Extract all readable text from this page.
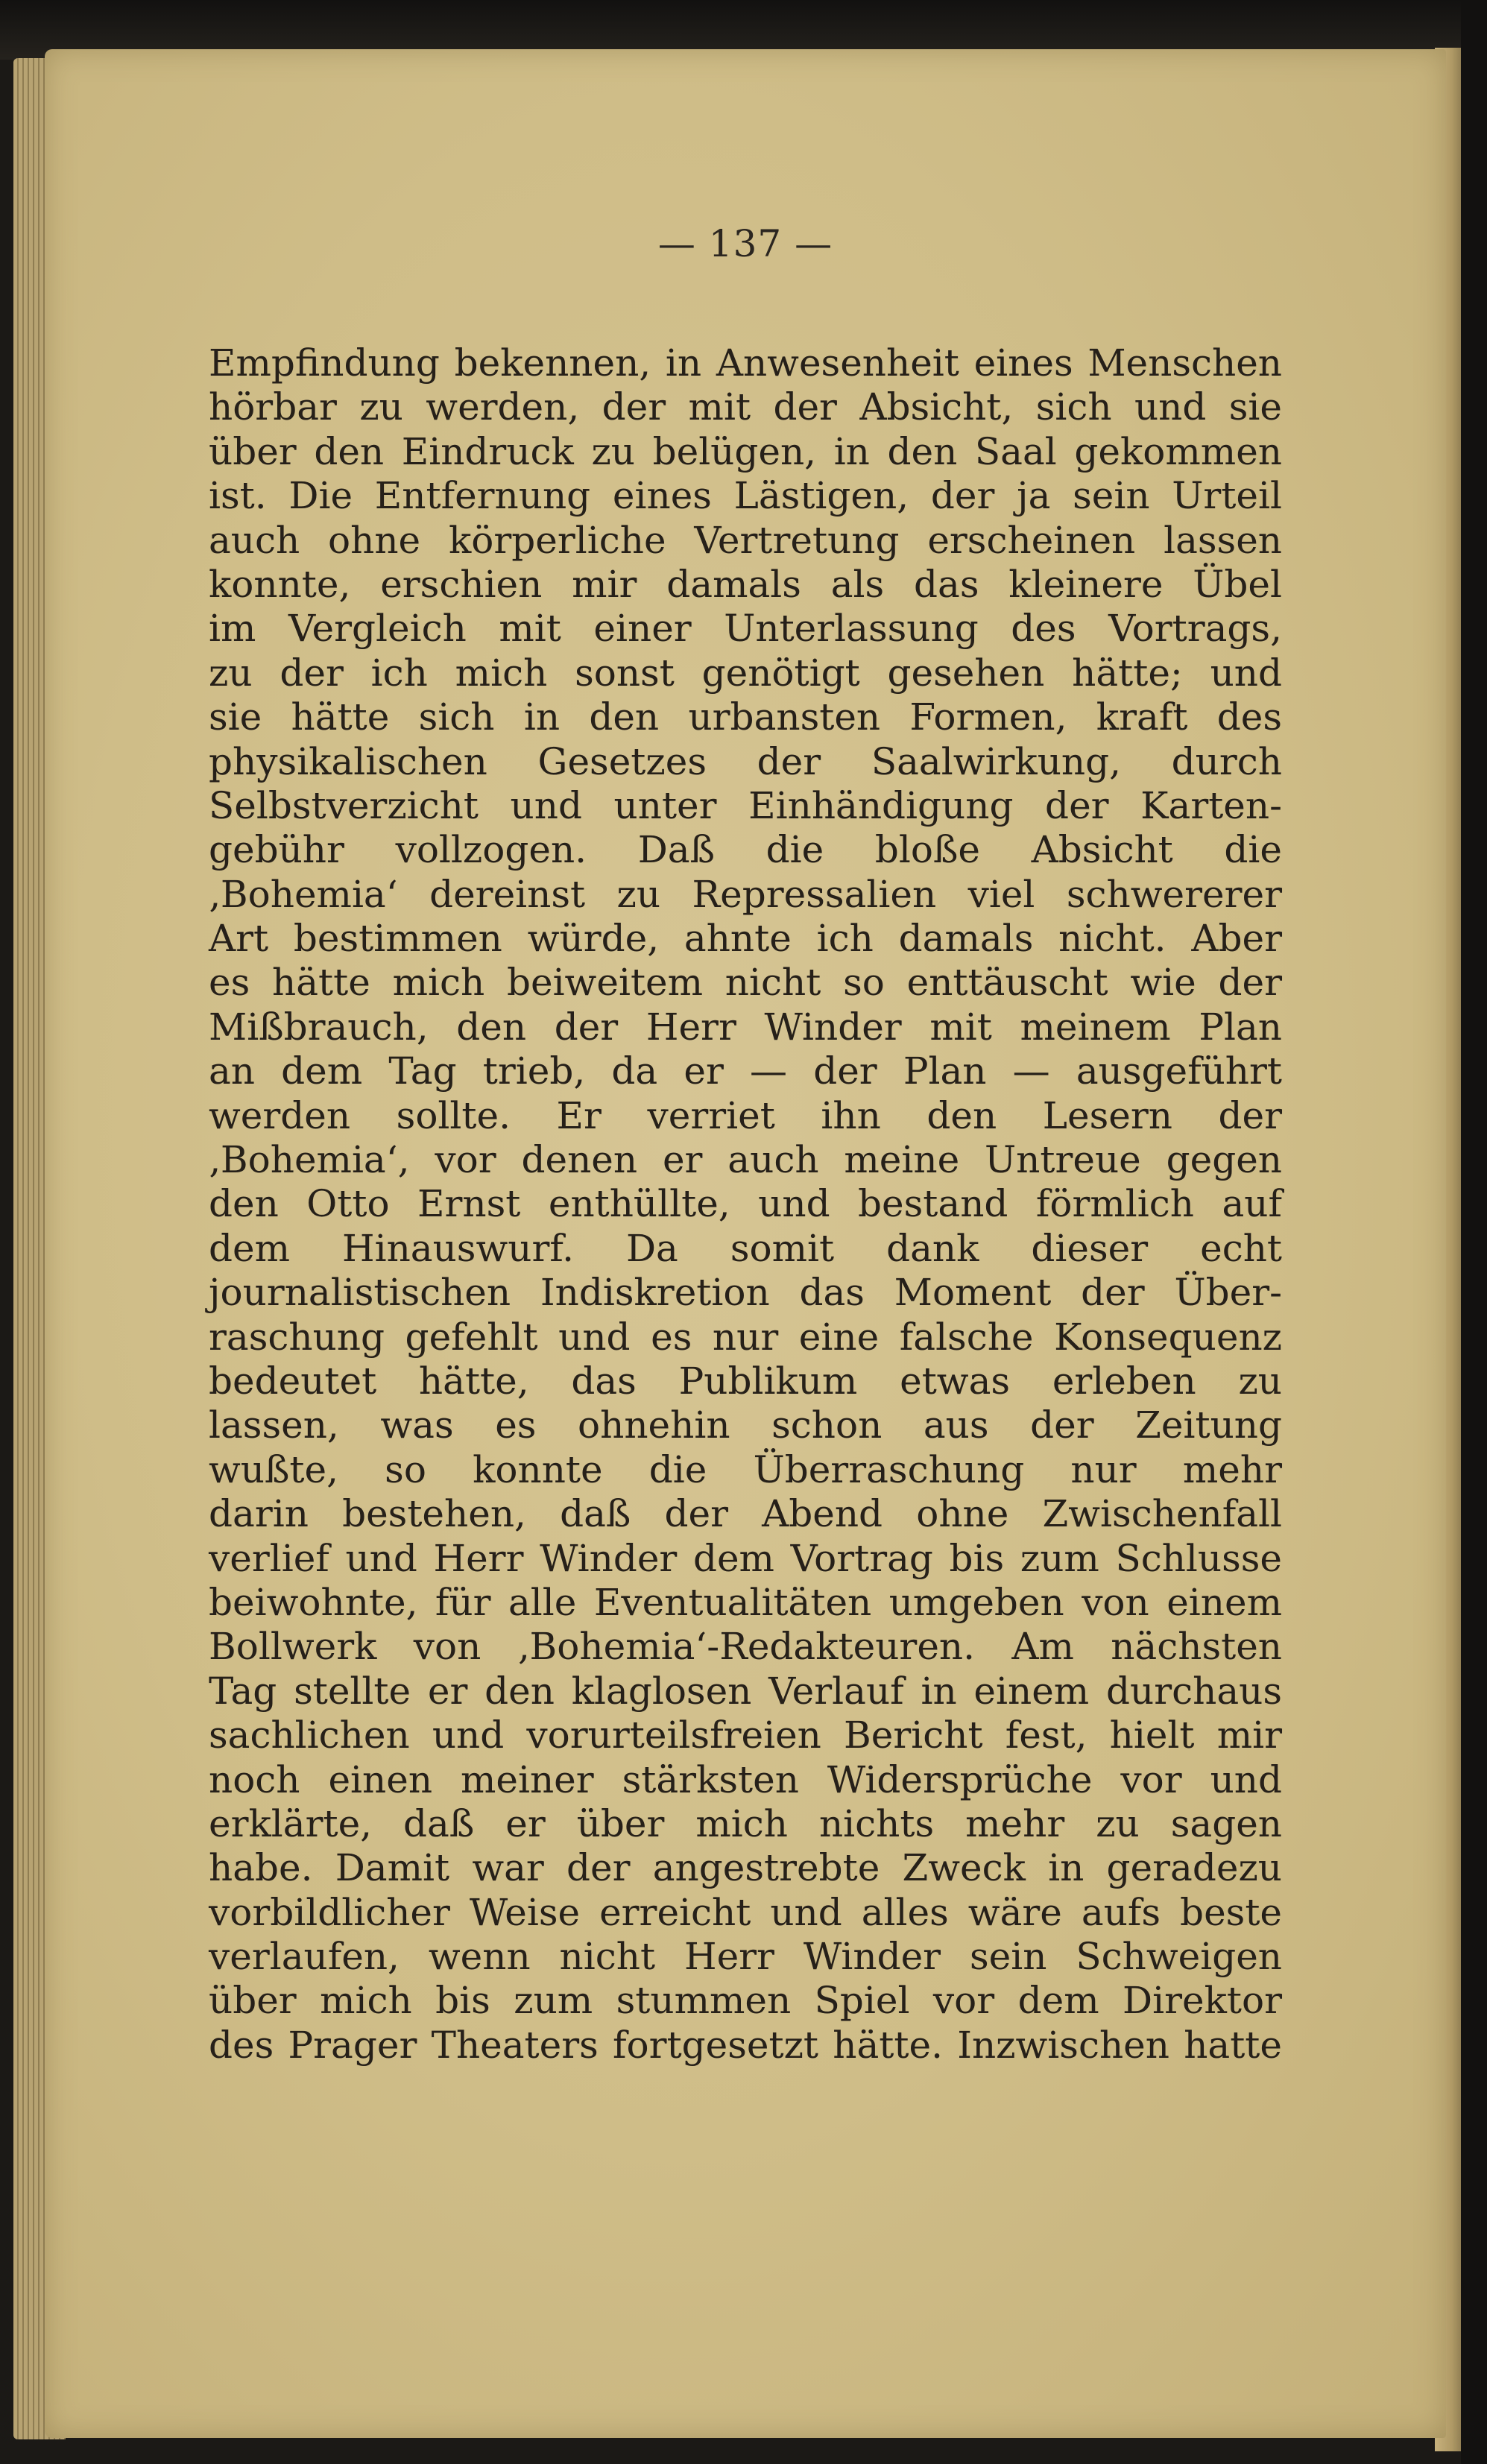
— 137 —
Empfindung bekennen, in Anwesenheit eines Menschen
hörbar zu werden, der mit der Absicht, sich und sie
über den Eindruck zu belügen, in den Saal gekommen
ist. Die Entfernung eines Lästigen, der ja sein Urteil
auch ohne körperliche Vertretung erscheinen lassen
konnte, erschien mir damals als das kleinere Übel
im Vergleich mit einer Unterlassung des Vortrags,
zu der ich mich sonst genötigt gesehen hätte; und
sie hätte sich in den urbansten Formen, kraft des
physikalischen Gesetzes der Saalwirkung, durch
Selbstverzicht und unter Einhändigung der Karten-
gebühr vollzogen. Daß die bloße Absicht die
‚Bohemia‘ dereinst zu Repressalien viel schwererer
Art bestimmen würde, ahnte ich damals nicht. Aber
es hätte mich beiweitem nicht so enttäuscht wie der
Mißbrauch, den der Herr Winder mit meinem Plan
an dem Tag trieb, da er — der Plan — ausgeführt
werden sollte. Er verriet ihn den Lesern der
‚Bohemia‘, vor denen er auch meine Untreue gegen
den Otto Ernst enthüllte, und bestand förmlich auf
dem Hinauswurf. Da somit dank dieser echt
journalistischen Indiskretion das Moment der Über-
raschung gefehlt und es nur eine falsche Konsequenz
bedeutet hätte, das Publikum etwas erleben zu
lassen, was es ohnehin schon aus der Zeitung
wußte, so konnte die Überraschung nur mehr
darin bestehen, daß der Abend ohne Zwischenfall
verlief und Herr Winder dem Vortrag bis zum Schlusse
beiwohnte, für alle Eventualitäten umgeben von einem
Bollwerk von ‚Bohemia‘-Redakteuren. Am nächsten
Tag stellte er den klaglosen Verlauf in einem durchaus
sachlichen und vorurteilsfreien Bericht fest, hielt mir
noch einen meiner stärksten Widersprüche vor und
erklärte, daß er über mich nichts mehr zu sagen
habe. Damit war der angestrebte Zweck in geradezu
vorbildlicher Weise erreicht und alles wäre aufs beste
verlaufen, wenn nicht Herr Winder sein Schweigen
über mich bis zum stummen Spiel vor dem Direktor
des Prager Theaters fortgesetzt hätte. Inzwischen hatte
